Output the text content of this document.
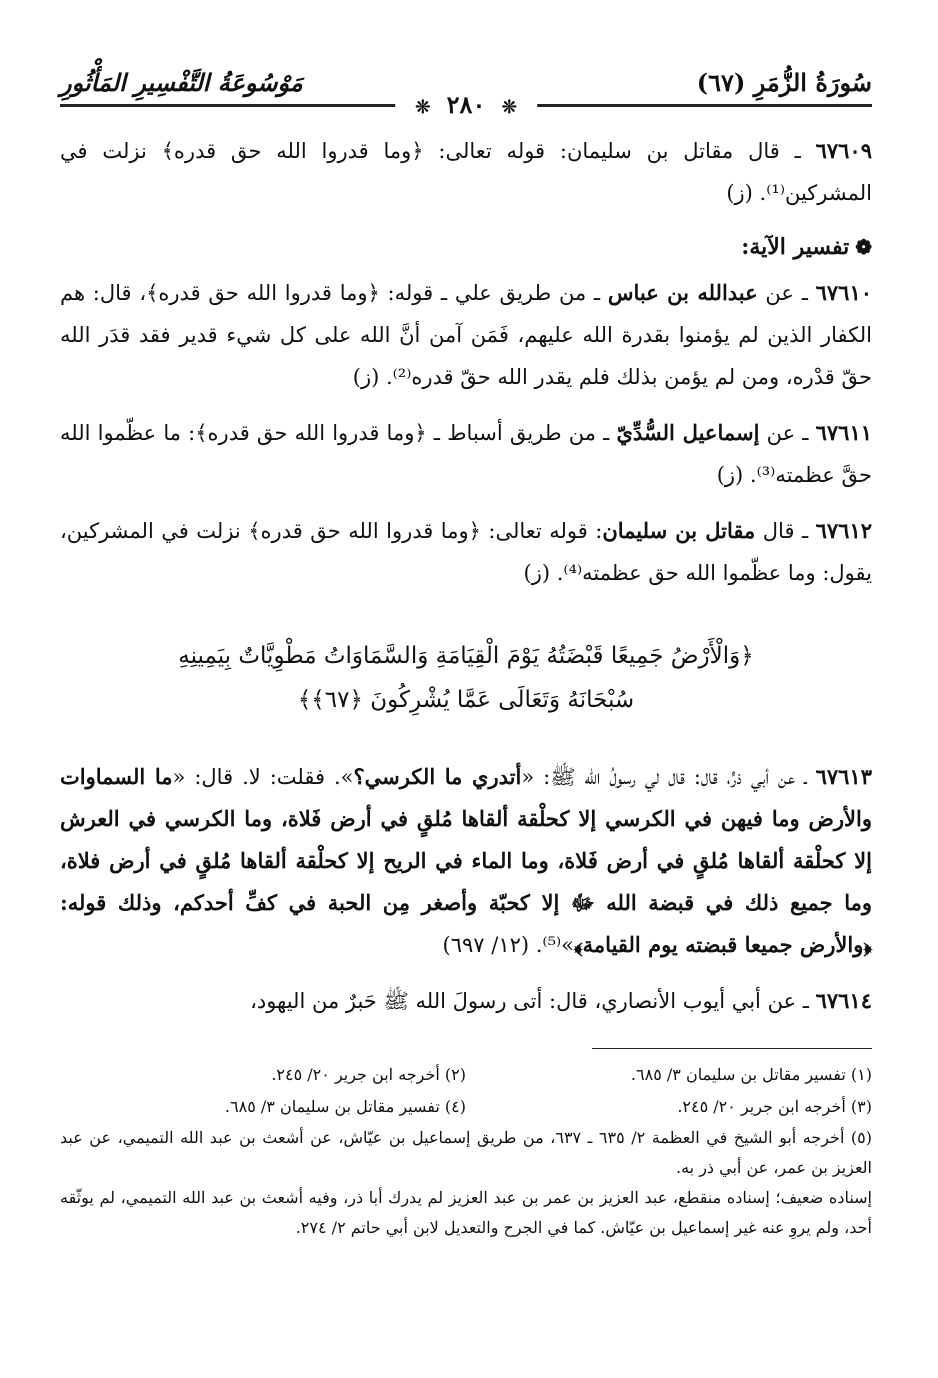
سُورَةُ الزُّمَرِ (٦٧)
❊ ٢٨٠ ❊
مَوْسُوعَةُ التَّفْسِيرِ المَأْثُورِ

٦٧٦٠٩ ـ قال مقاتل بن سليمان: قوله تعالى: ﴿وما قدروا الله حق قدره﴾ نزلت في المشركين⁽¹⁾. (ز)

❁تفسير الآية:

٦٧٦١٠ ـ عن عبدالله بن عباس ـ من طريق علي ـ قوله: ﴿وما قدروا الله حق قدره﴾، قال: هم الكفار الذين لم يؤمنوا بقدرة الله عليهم، فَمَن آمن أنَّ الله على كل شيء قدير فقد قدَر الله حقّ قدْره، ومن لم يؤمن بذلك فلم يقدر الله حقّ قدره⁽²⁾. (ز)

٦٧٦١١ ـ عن إسماعيل السُّدِّيّ ـ من طريق أسباط ـ ﴿وما قدروا الله حق قدره﴾: ما عظّموا الله حقَّ عظمته⁽³⁾. (ز)

٦٧٦١٢ ـ قال مقاتل بن سليمان: قوله تعالى: ﴿وما قدروا الله حق قدره﴾ نزلت في المشركين، يقول: وما عظّموا الله حق عظمته⁽⁴⁾. (ز)

﴿وَالْأَرْضُ جَمِيعًا قَبْضَتُهُ يَوْمَ الْقِيَامَةِ وَالسَّمَاوَاتُ مَطْوِيَّاتٌ بِيَمِينِهِ
سُبْحَانَهُ وَتَعَالَى عَمَّا يُشْرِكُونَ ﴿٦٧﴾﴾

٦٧٦١٣ ـ عن أبي ذرٍّ، قال: قال لي رسولُ الله ﷺ: «أتدري ما الكرسي؟». فقلت: لا. قال: «ما السماوات والأرض وما فيهن في الكرسي إلا كحلْقة ألقاها مُلقٍ في أرض فَلاة، وما الكرسي في العرش إلا كحلْقة ألقاها مُلقٍ في أرض فَلاة، وما الماء في الريح إلا كحلْقة ألقاها مُلقٍ في أرض فلاة، وما جميع ذلك في قبضة الله ﷻ إلا كحبّة وأصغر مِن الحبة في كفِّ أحدكم، وذلك قوله: ﴿والأرض جميعا قبضته يوم القيامة﴾»⁽⁵⁾. (١٢/ ٦٩٧)

٦٧٦١٤ ـ عن أبي أيوب الأنصاري، قال: أتى رسولَ الله ﷺ حَبرٌ من اليهود،

(١) تفسير مقاتل بن سليمان ٣/ ٦٨٥.
(٢) أخرجه ابن جرير ٢٠/ ٢٤٥.
(٣) أخرجه ابن جرير ٢٠/ ٢٤٥.
(٤) تفسير مقاتل بن سليمان ٣/ ٦٨٥.
(٥) أخرجه أبو الشيخ في العظمة ٢/ ٦٣٥ ـ ٦٣٧، من طريق إسماعيل بن عيّاش، عن أشعث بن عبد الله التميمي، عن عبد العزيز بن عمر، عن أبي ذر به.
إسناده ضعيف؛ إسناده منقطع، عبد العزيز بن عمر بن عبد العزيز لم يدرك أبا ذر، وفيه أشعث بن عبد الله التميمي، لم يوثّقه أحد، ولم يروِ عنه غير إسماعيل بن عيّاش. كما في الجرح والتعديل لابن أبي حاتم ٢/ ٢٧٤.
